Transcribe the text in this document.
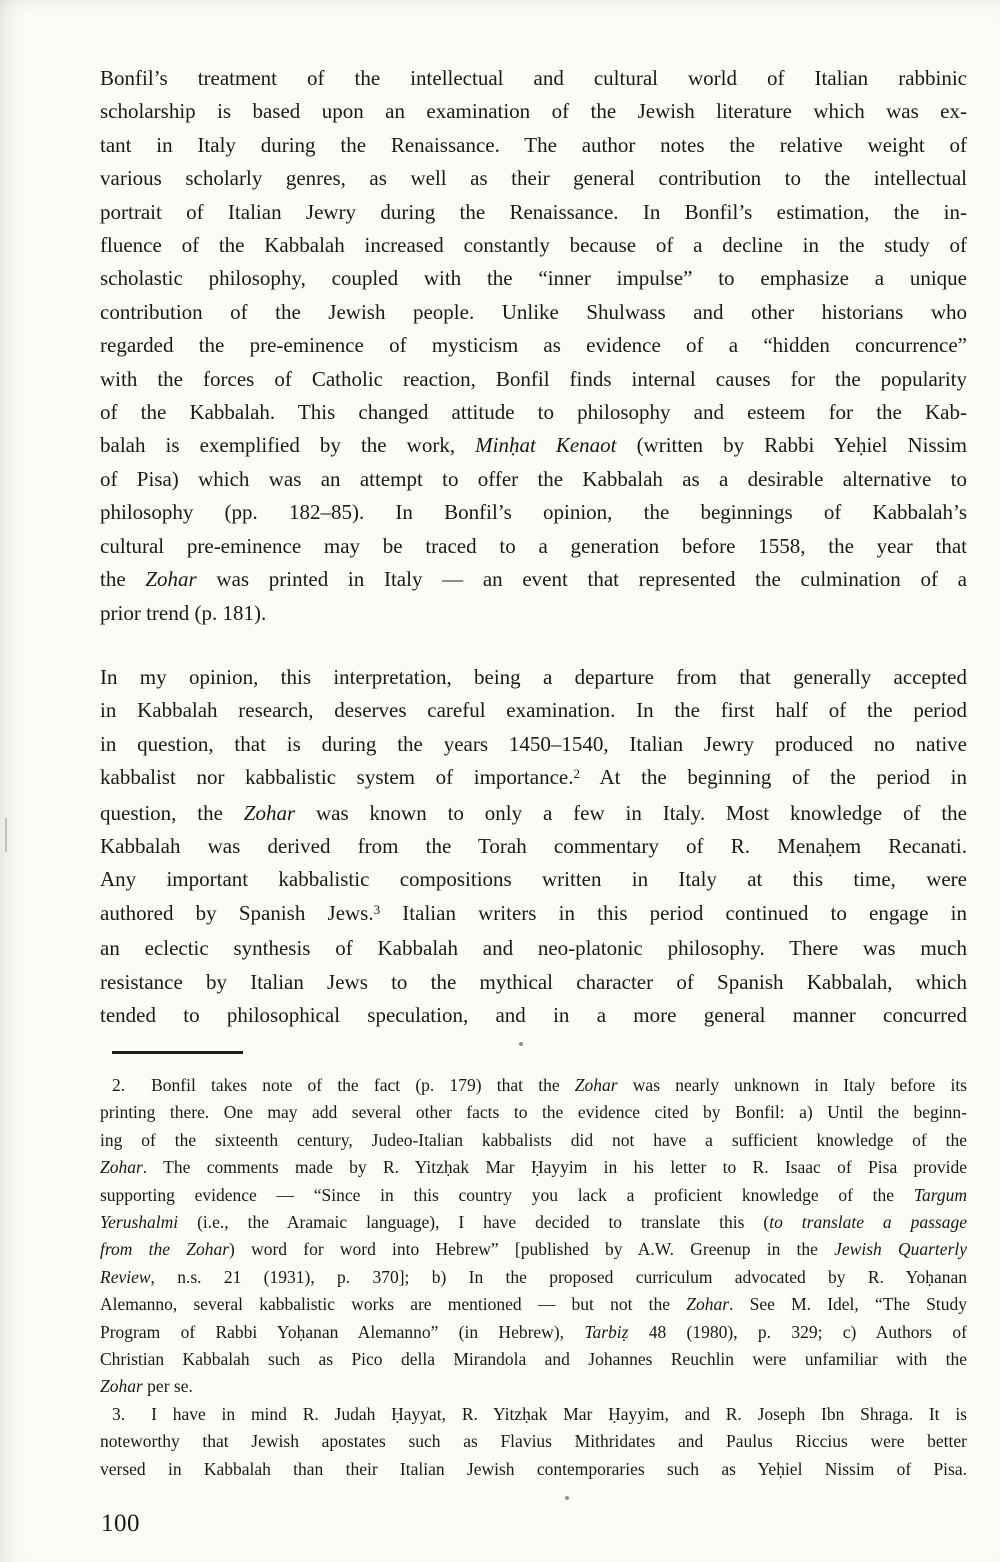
Bonfil’s treatment of the intellectual and cultural world of Italian rabbinic
scholarship is based upon an examination of the Jewish literature which was ex-
tant in Italy during the Renaissance. The author notes the relative weight of
various scholarly genres, as well as their general contribution to the intellectual
portrait of Italian Jewry during the Renaissance. In Bonfil’s estimation, the in-
fluence of the Kabbalah increased constantly because of a decline in the study of
scholastic philosophy, coupled with the “inner impulse” to emphasize a unique
contribution of the Jewish people. Unlike Shulwass and other historians who
regarded the pre-eminence of mysticism as evidence of a “hidden concurrence”
with the forces of Catholic reaction, Bonfil finds internal causes for the popularity
of the Kabbalah. This changed attitude to philosophy and esteem for the Kab-
balah is exemplified by the work, Minḥat Kenaot (written by Rabbi Yeḥiel Nissim
of Pisa) which was an attempt to offer the Kabbalah as a desirable alternative to
philosophy (pp. 182–85). In Bonfil’s opinion, the beginnings of Kabbalah’s
cultural pre-eminence may be traced to a generation before 1558, the year that
the Zohar was printed in Italy — an event that represented the culmination of a
prior trend (p. 181).
In my opinion, this interpretation, being a departure from that generally accepted
in Kabbalah research, deserves careful examination. In the first half of the period
in question, that is during the years 1450–1540, Italian Jewry produced no native
kabbalist nor kabbalistic system of importance.$^2$ At the beginning of the period in
question, the Zohar was known to only a few in Italy. Most knowledge of the
Kabbalah was derived from the Torah commentary of R. Menaḥem Recanati.
Any important kabbalistic compositions written in Italy at this time, were
authored by Spanish Jews.$^3$ Italian writers in this period continued to engage in
an eclectic synthesis of Kabbalah and neo-platonic philosophy. There was much
resistance by Italian Jews to the mythical character of Spanish Kabbalah, which
tended to philosophical speculation, and in a more general manner concurred
2. Bonfil takes note of the fact (p. 179) that the Zohar was nearly unknown in Italy before its
printing there. One may add several other facts to the evidence cited by Bonfil: a) Until the beginn-
ing of the sixteenth century, Judeo-Italian kabbalists did not have a sufficient knowledge of the
Zohar. The comments made by R. Yitzḥak Mar Ḥayyim in his letter to R. Isaac of Pisa provide
supporting evidence — “Since in this country you lack a proficient knowledge of the Targum
Yerushalmi (i.e., the Aramaic language), I have decided to translate this (to translate a passage
from the Zohar) word for word into Hebrew” [published by A.W. Greenup in the Jewish Quarterly
Review, n.s. 21 (1931), p. 370]; b) In the proposed curriculum advocated by R. Yoḥanan
Alemanno, several kabbalistic works are mentioned — but not the Zohar. See M. Idel, “The Study
Program of Rabbi Yoḥanan Alemanno” (in Hebrew), Tarbiẓ 48 (1980), p. 329; c) Authors of
Christian Kabbalah such as Pico della Mirandola and Johannes Reuchlin were unfamiliar with the
Zohar per se.
3. I have in mind R. Judah Ḥayyat, R. Yitzḥak Mar Ḥayyim, and R. Joseph Ibn Shraga. It is
noteworthy that Jewish apostates such as Flavius Mithridates and Paulus Riccius were better
versed in Kabbalah than their Italian Jewish contemporaries such as Yeḥiel Nissim of Pisa.
100
